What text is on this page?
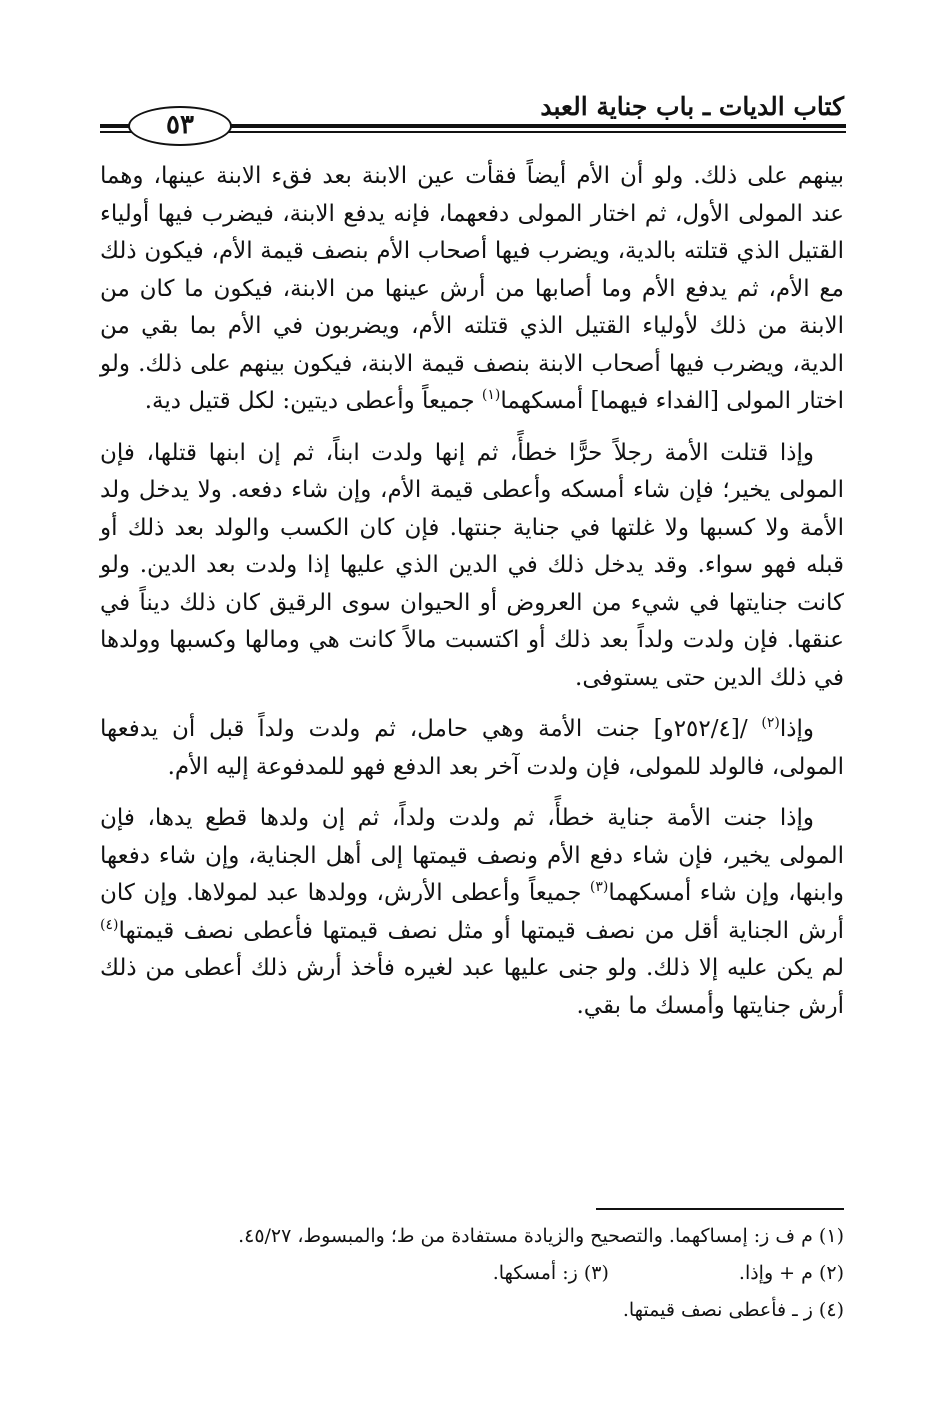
كتاب الديات ـ باب جناية العبد
٥٣

بينهم على ذلك. ولو أن الأم أيضاً فقأت عين الابنة بعد فقء الابنة عينها، وهما عند المولى الأول، ثم اختار المولى دفعهما، فإنه يدفع الابنة، فيضرب فيها أولياء القتيل الذي قتلته بالدية، ويضرب فيها أصحاب الأم بنصف قيمة الأم، فيكون ذلك مع الأم، ثم يدفع الأم وما أصابها من أرش عينها من الابنة، فيكون ما كان من الابنة من ذلك لأولياء القتيل الذي قتلته الأم، ويضربون في الأم بما بقي من الدية، ويضرب فيها أصحاب الابنة بنصف قيمة الابنة، فيكون بينهم على ذلك. ولو اختار المولى [الفداء فيهما] أمسكهما$^{(١)}$ جميعاً وأعطى ديتين: لكل قتيل دية.

وإذا قتلت الأمة رجلاً حرًّا خطأً، ثم إنها ولدت ابناً، ثم إن ابنها قتلها، فإن المولى يخير؛ فإن شاء أمسكه وأعطى قيمة الأم، وإن شاء دفعه. ولا يدخل ولد الأمة ولا كسبها ولا غلتها في جناية جنتها. فإن كان الكسب والولد بعد ذلك أو قبله فهو سواء. وقد يدخل ذلك في الدين الذي عليها إذا ولدت بعد الدين. ولو كانت جنايتها في شيء من العروض أو الحيوان سوى الرقيق كان ذلك ديناً في عنقها. فإن ولدت ولداً بعد ذلك أو اكتسبت مالاً كانت هي ومالها وكسبها وولدها في ذلك الدين حتى يستوفى.

وإذا$^{(٢)}$ /[٢٥٢/٤و] جنت الأمة وهي حامل، ثم ولدت ولداً قبل أن يدفعها المولى، فالولد للمولى، فإن ولدت آخر بعد الدفع فهو للمدفوعة إليه الأم.

وإذا جنت الأمة جناية خطأً، ثم ولدت ولداً، ثم إن ولدها قطع يدها، فإن المولى يخير، فإن شاء دفع الأم ونصف قيمتها إلى أهل الجناية، وإن شاء دفعها وابنها، وإن شاء أمسكهما$^{(٣)}$ جميعاً وأعطى الأرش، وولدها عبد لمولاها. وإن كان أرش الجناية أقل من نصف قيمتها أو مثل نصف قيمتها فأعطى نصف قيمتها$^{(٤)}$ لم يكن عليه إلا ذلك. ولو جنى عليها عبد لغيره فأخذ أرش ذلك أعطى من ذلك أرش جنايتها وأمسك ما بقي.

(١) م ف ز: إمساكهما. والتصحيح والزيادة مستفادة من ط؛ والمبسوط، ٤٥/٢٧.
(٢) م + وإذا.(٣) ز: أمسكها.
(٤) ز ـ فأعطى نصف قيمتها.
